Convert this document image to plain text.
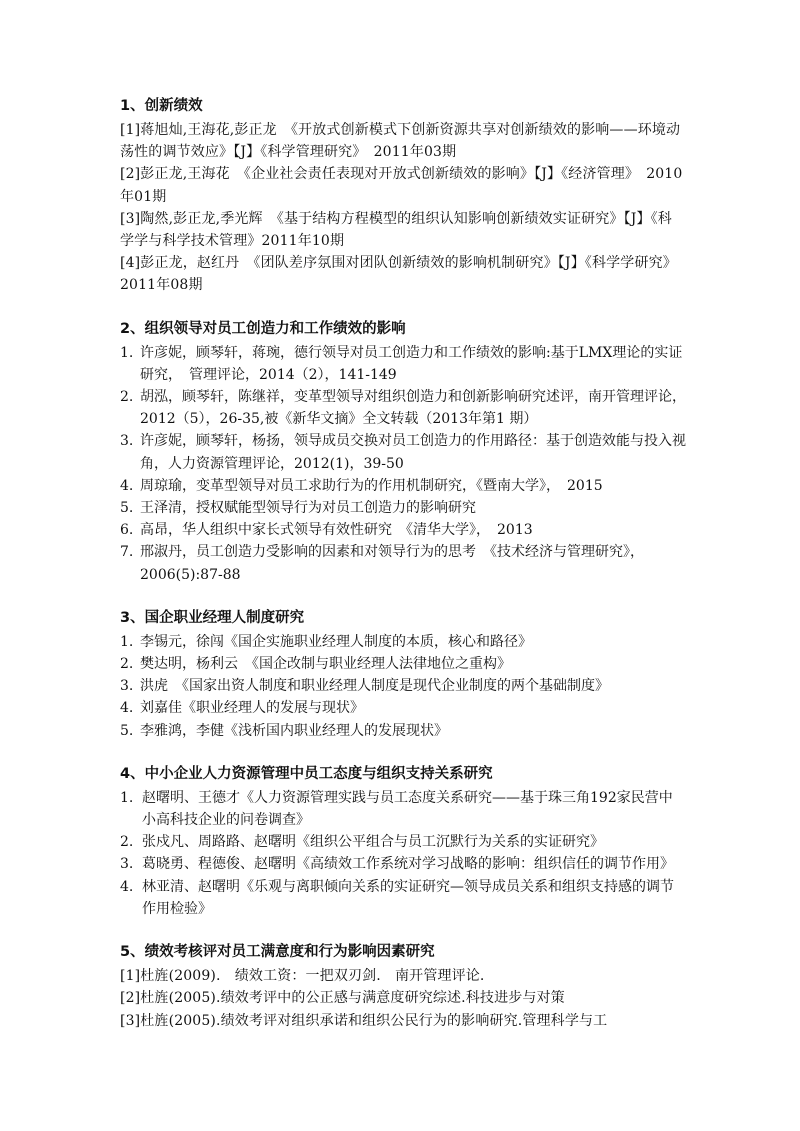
1、创新绩效
[1]蒋旭灿,王海花,彭正龙　《开放式创新模式下创新资源共享对创新绩效的影响——环境动荡性的调节效应》【J】《科学管理研究》　2011年03期
[2]彭正龙,王海花　《企业社会责任表现对开放式创新绩效的影响》【J】《经济管理》　2010年01期
[3]陶然,彭正龙,季光辉　《基于结构方程模型的组织认知影响创新绩效实证研究》【J】《科学学与科学技术管理》2011年10期
[4]彭正龙，赵红丹　《团队差序氛围对团队创新绩效的影响机制研究》【J】《科学学研究》　2011年08期
2、组织领导对员工创造力和工作绩效的影响
1. 许彦妮，顾琴轩，蒋琬，德行领导对员工创造力和工作绩效的影响:基于LMX理论的实证研究，　管理评论，2014（2），141-149
2. 胡泓，顾琴轩，陈继祥，变革型领导对组织创造力和创新影响研究述评，南开管理评论，2012（5），26-35,被《新华文摘》全文转载（2013年第1 期）
3. 许彦妮，顾琴轩，杨扬，领导成员交换对员工创造力的作用路径：基于创造效能与投入视角，人力资源管理评论，2012(1)，39-50
4. 周琼瑜，变革型领导对员工求助行为的作用机制研究，《暨南大学》，　2015
5. 王泽清，授权赋能型领导行为对员工创造力的影响研究
6. 高昂，华人组织中家长式领导有效性研究　《清华大学》，　2013
7. 邢淑丹，员工创造力受影响的因素和对领导行为的思考　《技术经济与管理研究》，　2006(5):87-88
3、国企职业经理人制度研究
1. 李锡元，徐闯《国企实施职业经理人制度的本质，核心和路径》
2. 樊达明，杨利云　《国企改制与职业经理人法律地位之重构》
3. 洪虎　《国家出资人制度和职业经理人制度是现代企业制度的两个基础制度》
4. 刘嘉佳《职业经理人的发展与现状》
5. 李雅鸿，李健《浅析国内职业经理人的发展现状》
4、中小企业人力资源管理中员工态度与组织支持关系研究
1. 赵曙明、王德才《人力资源管理实践与员工态度关系研究——基于珠三角192家民营中小高科技企业的问卷调查》
2. 张戍凡、周路路、赵曙明《组织公平组合与员工沉默行为关系的实证研究》
3. 葛晓勇、程德俊、赵曙明《高绩效工作系统对学习战略的影响：组织信任的调节作用》
4. 林亚清、赵曙明《乐观与离职倾向关系的实证研究—领导成员关系和组织支持感的调节作用检验》
5、绩效考核评对员工满意度和行为影响因素研究
[1]杜旌(2009).　绩效工资：一把双刃剑.　南开管理评论.
[2]杜旌(2005).绩效考评中的公正感与满意度研究综述.科技进步与对策
[3]杜旌(2005).绩效考评对组织承诺和组织公民行为的影响研究.管理科学与工
